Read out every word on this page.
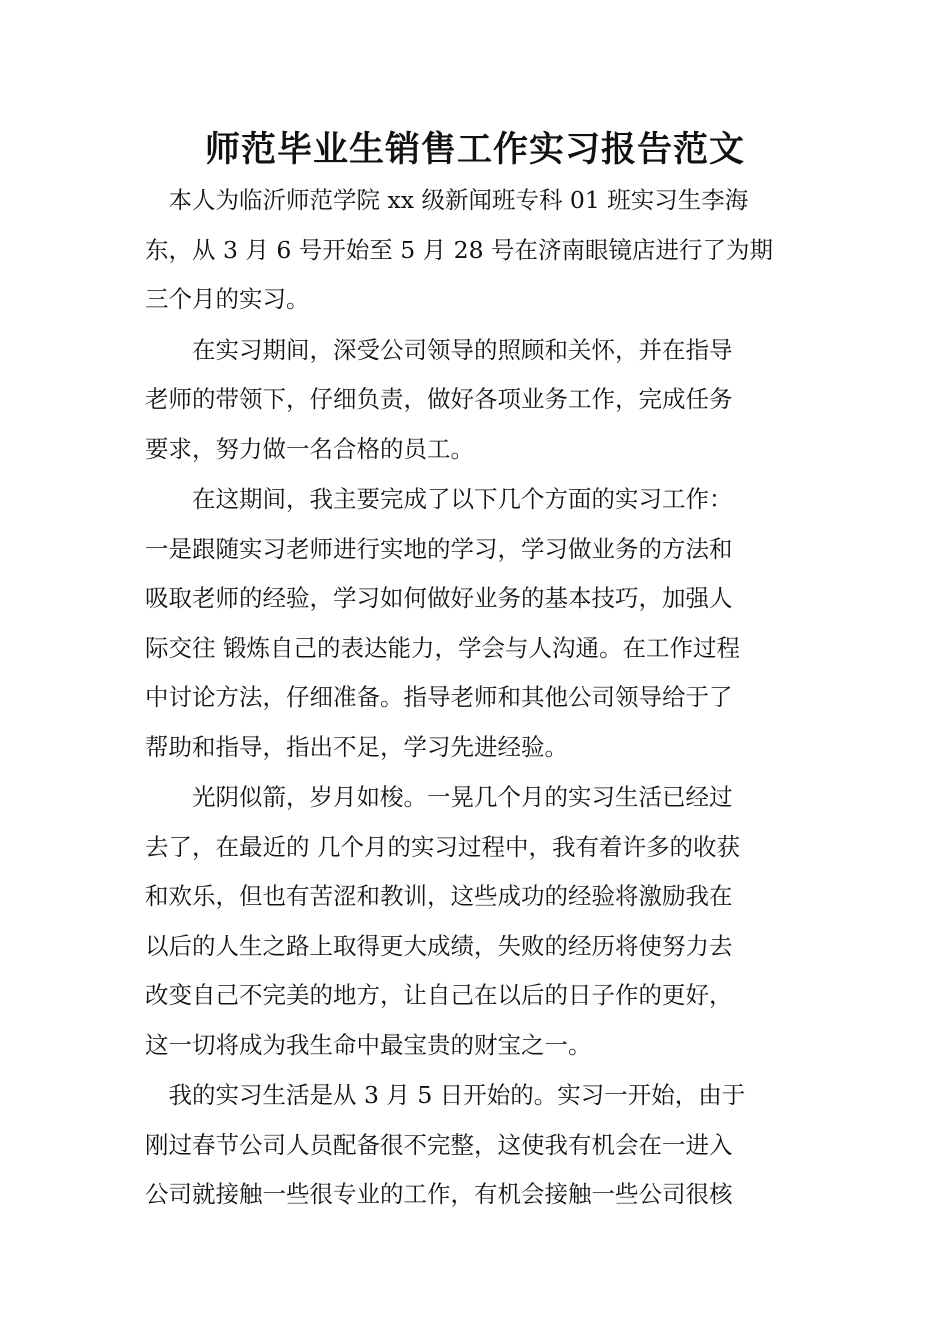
师范毕业生销售工作实习报告范文
　本人为临沂师范学院 xx 级新闻班专科 01 班实习生李海
东，从 3 月 6 号开始至 5 月 28 号在济南眼镜店进行了为期
三个月的实习。
　　在实习期间，深受公司领导的照顾和关怀，并在指导
老师的带领下，仔细负责，做好各项业务工作，完成任务
要求，努力做一名合格的员工。
　　在这期间，我主要完成了以下几个方面的实习工作：
一是跟随实习老师进行实地的学习，学习做业务的方法和
吸取老师的经验，学习如何做好业务的基本技巧，加强人
际交往 锻炼自己的表达能力，学会与人沟通。在工作过程
中讨论方法，仔细准备。指导老师和其他公司领导给于了
帮助和指导，指出不足，学习先进经验。
　　光阴似箭，岁月如梭。一晃几个月的实习生活已经过
去了，在最近的 几个月的实习过程中，我有着许多的收获
和欢乐，但也有苦涩和教训，这些成功的经验将激励我在
以后的人生之路上取得更大成绩，失败的经历将使努力去
改变自己不完美的地方，让自己在以后的日子作的更好，
这一切将成为我生命中最宝贵的财宝之一。
　我的实习生活是从 3 月 5 日开始的。实习一开始，由于
刚过春节公司人员配备很不完整，这使我有机会在一进入
公司就接触一些很专业的工作，有机会接触一些公司很核
